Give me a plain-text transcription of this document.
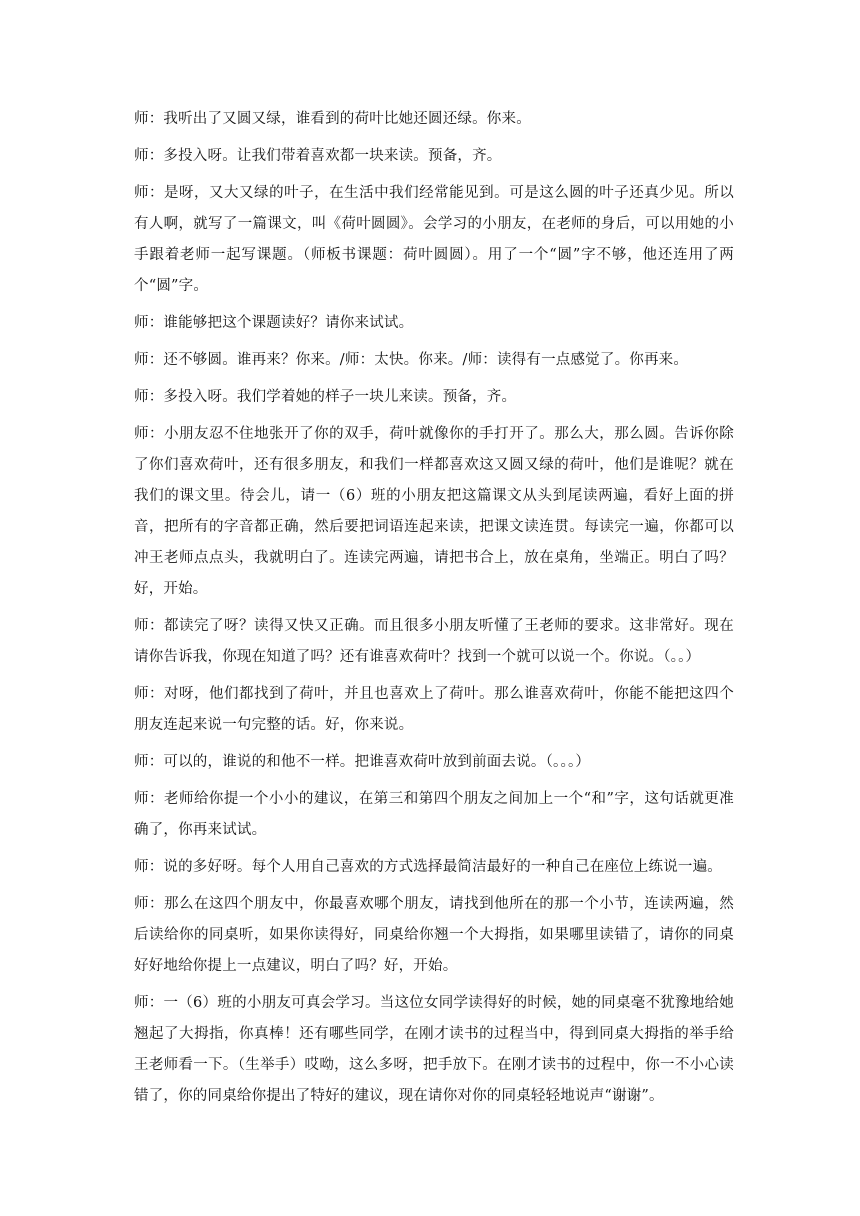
师：我听出了又圆又绿，谁看到的荷叶比她还圆还绿。你来。

师：多投入呀。让我们带着喜欢都一块来读。预备，齐。

师：是呀，又大又绿的叶子，在生活中我们经常能见到。可是这么圆的叶子还真少见。所以有人啊，就写了一篇课文，叫《荷叶圆圆》。会学习的小朋友，在老师的身后，可以用她的小手跟着老师一起写课题。（师板书课题：荷叶圆圆）。用了一个“圆”字不够，他还连用了两个“圆”字。

师：谁能够把这个课题读好？请你来试试。

师：还不够圆。谁再来？你来。/师：太快。你来。/师：读得有一点感觉了。你再来。

师：多投入呀。我们学着她的样子一块儿来读。预备，齐。

师：小朋友忍不住地张开了你的双手，荷叶就像你的手打开了。那么大，那么圆。告诉你除了你们喜欢荷叶，还有很多朋友，和我们一样都喜欢这又圆又绿的荷叶，他们是谁呢？就在我们的课文里。待会儿，请一（6）班的小朋友把这篇课文从头到尾读两遍，看好上面的拼音，把所有的字音都正确，然后要把词语连起来读，把课文读连贯。每读完一遍，你都可以冲王老师点点头，我就明白了。连读完两遍，请把书合上，放在桌角，坐端正。明白了吗？好，开始。

师：都读完了呀？读得又快又正确。而且很多小朋友听懂了王老师的要求。这非常好。现在请你告诉我，你现在知道了吗？还有谁喜欢荷叶？找到一个就可以说一个。你说。（。。）

师：对呀，他们都找到了荷叶，并且也喜欢上了荷叶。那么谁喜欢荷叶，你能不能把这四个朋友连起来说一句完整的话。好，你来说。

师：可以的，谁说的和他不一样。把谁喜欢荷叶放到前面去说。（。。。）

师：老师给你提一个小小的建议，在第三和第四个朋友之间加上一个“和”字，这句话就更准确了，你再来试试。

师：说的多好呀。每个人用自己喜欢的方式选择最简洁最好的一种自己在座位上练说一遍。

师：那么在这四个朋友中，你最喜欢哪个朋友，请找到他所在的那一个小节，连读两遍，然后读给你的同桌听，如果你读得好，同桌给你翘一个大拇指，如果哪里读错了，请你的同桌好好地给你提上一点建议，明白了吗？好，开始。

师：一（6）班的小朋友可真会学习。当这位女同学读得好的时候，她的同桌毫不犹豫地给她翘起了大拇指，你真棒！还有哪些同学，在刚才读书的过程当中，得到同桌大拇指的举手给王老师看一下。（生举手）哎呦，这么多呀，把手放下。在刚才读书的过程中，你一不小心读错了，你的同桌给你提出了特好的建议，现在请你对你的同桌轻轻地说声“谢谢”。
